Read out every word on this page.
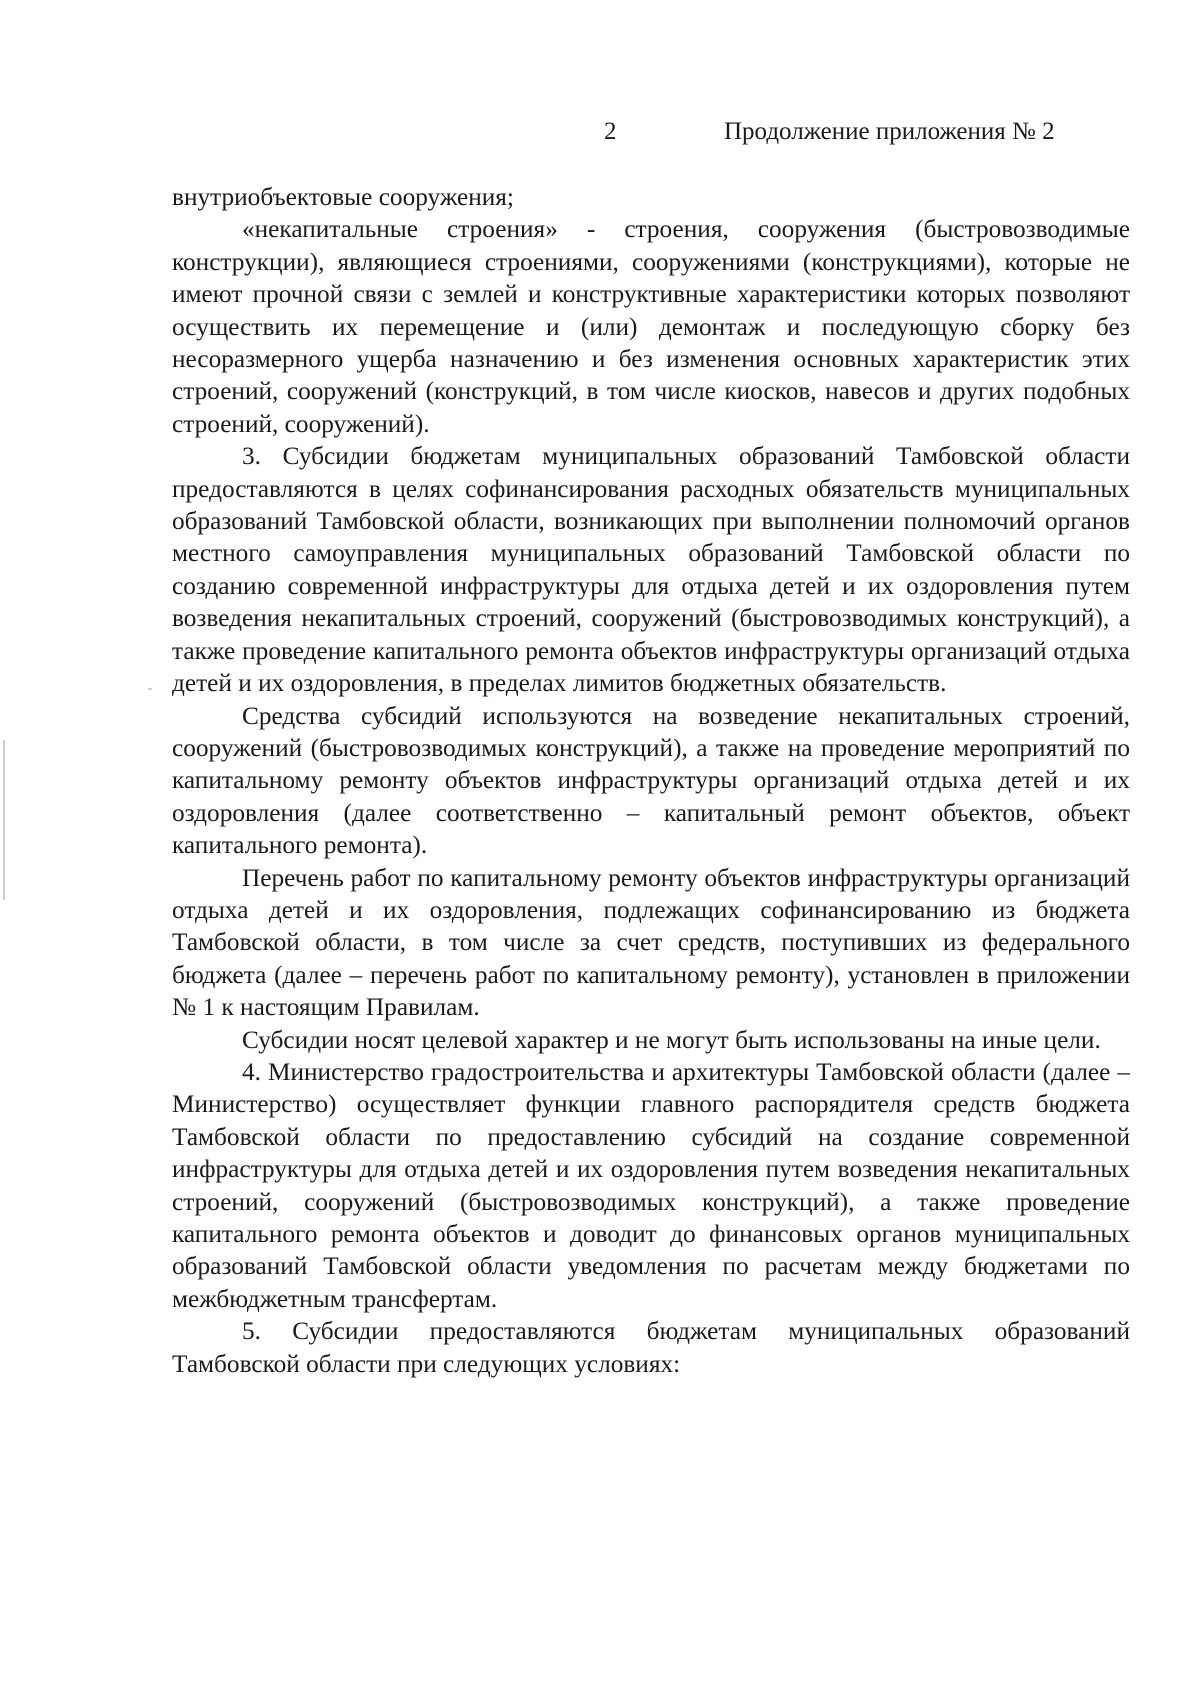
2	Продолжение приложения № 2

внутриобъектовые сооружения;

«некапитальные строения» - строения, сооружения (быстровозводимые конструкции), являющиеся строениями, сооружениями (конструкциями), которые не имеют прочной связи с землей и конструктивные характеристики которых позволяют осуществить их перемещение и (или) демонтаж и последующую сборку без несоразмерного ущерба назначению и без изменения основных характеристик этих строений, сооружений (конструкций, в том числе киосков, навесов и других подобных строений, сооружений).

3. Субсидии бюджетам муниципальных образований Тамбовской области предоставляются в целях софинансирования расходных обязательств муниципальных образований Тамбовской области, возникающих при выполнении полномочий органов местного самоуправления муниципальных образований Тамбовской области по созданию современной инфраструктуры для отдыха детей и их оздоровления путем возведения некапитальных строений, сооружений (быстровозводимых конструкций), а также проведение капитального ремонта объектов инфраструктуры организаций отдыха детей и их оздоровления, в пределах лимитов бюджетных обязательств.

Средства субсидий используются на возведение некапитальных строений, сооружений (быстровозводимых конструкций), а также на проведение мероприятий по капитальному ремонту объектов инфраструктуры организаций отдыха детей и их оздоровления (далее соответственно – капитальный ремонт объектов, объект капитального ремонта).

Перечень работ по капитальному ремонту объектов инфраструктуры организаций отдыха детей и их оздоровления, подлежащих софинансированию из бюджета Тамбовской области, в том числе за счет средств, поступивших из федерального бюджета (далее – перечень работ по капитальному ремонту), установлен в приложении № 1 к настоящим Правилам.

Субсидии носят целевой характер и не могут быть использованы на иные цели.

4. Министерство градостроительства и архитектуры Тамбовской области (далее – Министерство) осуществляет функции главного распорядителя средств бюджета Тамбовской области по предоставлению субсидий на создание современной инфраструктуры для отдыха детей и их оздоровления путем возведения некапитальных строений, сооружений (быстровозводимых конструкций), а также проведение капитального ремонта объектов и доводит до финансовых органов муниципальных образований Тамбовской области уведомления по расчетам между бюджетами по межбюджетным трансфертам.

5. Субсидии предоставляются бюджетам муниципальных образований Тамбовской области при следующих условиях:
